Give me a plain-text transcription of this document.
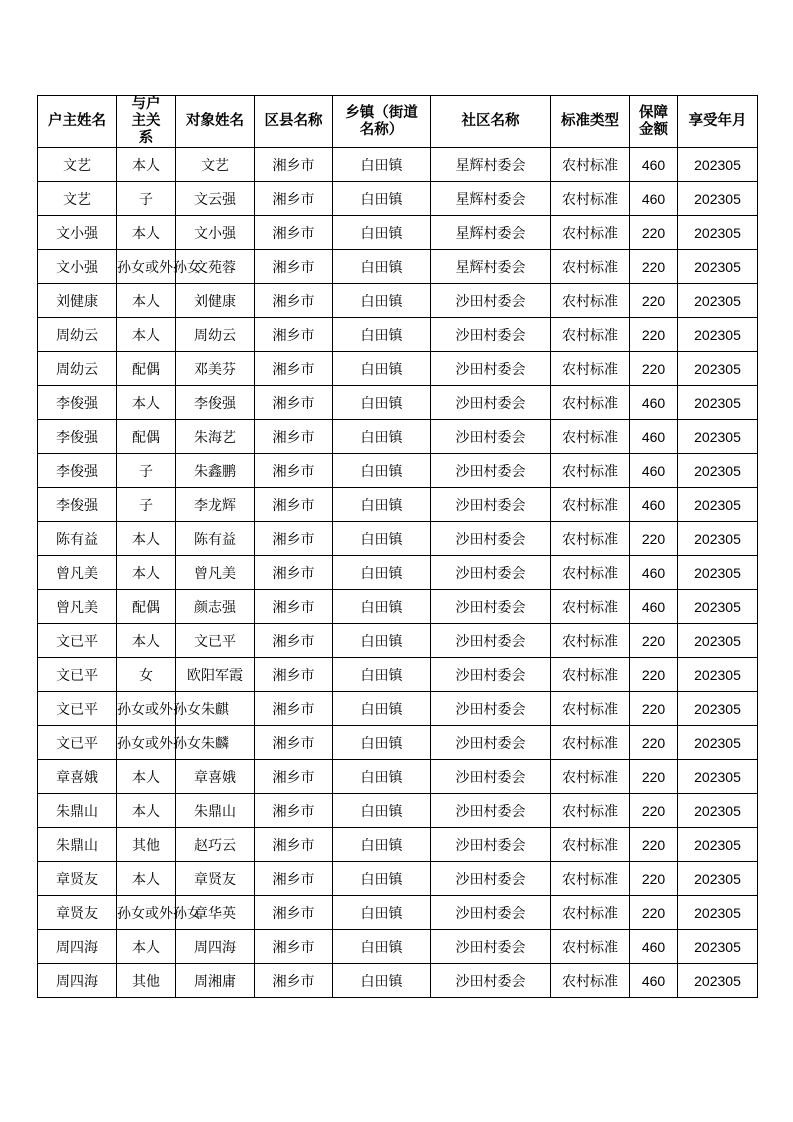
户主姓名	与户主关系	对象姓名	区县名称	乡镇（街道名称）	社区名称	标准类型	保障金额	享受年月
文艺	本人	文艺	湘乡市	白田镇	星辉村委会	农村标准	460	202305
文艺	子	文云强	湘乡市	白田镇	星辉村委会	农村标准	460	202305
文小强	本人	文小强	湘乡市	白田镇	星辉村委会	农村标准	220	202305
文小强	孙女或外孙女	文苑蓉	湘乡市	白田镇	星辉村委会	农村标准	220	202305
刘健康	本人	刘健康	湘乡市	白田镇	沙田村委会	农村标准	220	202305
周幼云	本人	周幼云	湘乡市	白田镇	沙田村委会	农村标准	220	202305
周幼云	配偶	邓美芬	湘乡市	白田镇	沙田村委会	农村标准	220	202305
李俊强	本人	李俊强	湘乡市	白田镇	沙田村委会	农村标准	460	202305
李俊强	配偶	朱海艺	湘乡市	白田镇	沙田村委会	农村标准	460	202305
李俊强	子	朱鑫鹏	湘乡市	白田镇	沙田村委会	农村标准	460	202305
李俊强	子	李龙辉	湘乡市	白田镇	沙田村委会	农村标准	460	202305
陈有益	本人	陈有益	湘乡市	白田镇	沙田村委会	农村标准	220	202305
曾凡美	本人	曾凡美	湘乡市	白田镇	沙田村委会	农村标准	460	202305
曾凡美	配偶	颜志强	湘乡市	白田镇	沙田村委会	农村标准	460	202305
文已平	本人	文已平	湘乡市	白田镇	沙田村委会	农村标准	220	202305
文已平	女	欧阳军霞	湘乡市	白田镇	沙田村委会	农村标准	220	202305
文已平	孙女或外孙女	朱麒	湘乡市	白田镇	沙田村委会	农村标准	220	202305
文已平	孙女或外孙女	朱麟	湘乡市	白田镇	沙田村委会	农村标准	220	202305
章喜娥	本人	章喜娥	湘乡市	白田镇	沙田村委会	农村标准	220	202305
朱鼎山	本人	朱鼎山	湘乡市	白田镇	沙田村委会	农村标准	220	202305
朱鼎山	其他	赵巧云	湘乡市	白田镇	沙田村委会	农村标准	220	202305
章贤友	本人	章贤友	湘乡市	白田镇	沙田村委会	农村标准	220	202305
章贤友	孙女或外孙女	章华英	湘乡市	白田镇	沙田村委会	农村标准	220	202305
周四海	本人	周四海	湘乡市	白田镇	沙田村委会	农村标准	460	202305
周四海	其他	周湘庸	湘乡市	白田镇	沙田村委会	农村标准	460	202305
